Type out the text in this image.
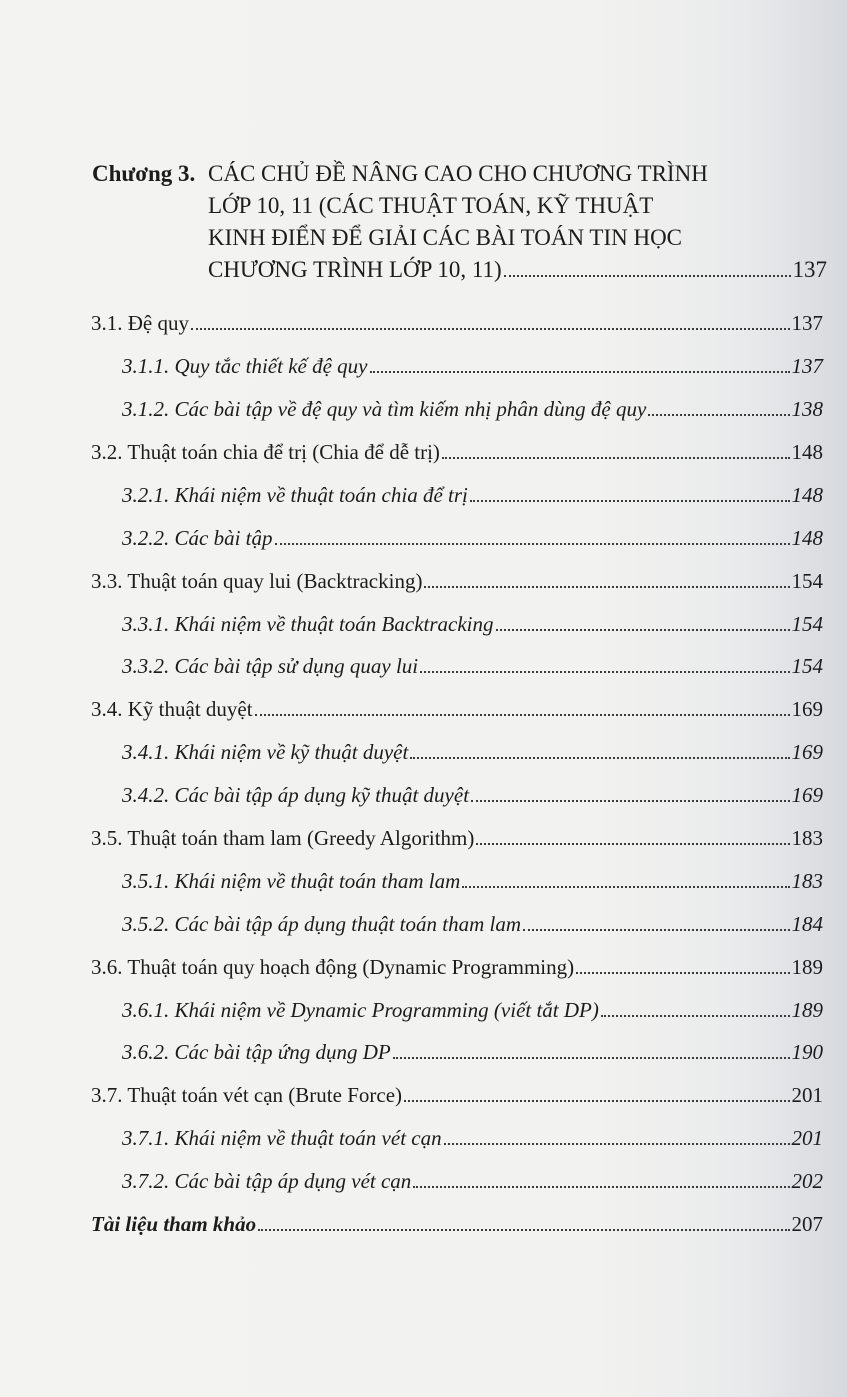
Chương 3. CÁC CHỦ ĐỀ NÂNG CAO CHO CHƯƠNG TRÌNH
LỚP 10, 11 (CÁC THUẬT TOÁN, KỸ THUẬT
KINH ĐIỂN ĐỂ GIẢI CÁC BÀI TOÁN TIN HỌC
CHƯƠNG TRÌNH LỚP 10, 11)	137
3.1. Đệ quy	137
3.1.1. Quy tắc thiết kế đệ quy	137
3.1.2. Các bài tập về đệ quy và tìm kiếm nhị phân dùng đệ quy	138
3.2. Thuật toán chia để trị (Chia để dễ trị)	148
3.2.1. Khái niệm về thuật toán chia để trị	148
3.2.2. Các bài tập	148
3.3. Thuật toán quay lui (Backtracking)	154
3.3.1. Khái niệm về thuật toán Backtracking	154
3.3.2. Các bài tập sử dụng quay lui	154
3.4. Kỹ thuật duyệt	169
3.4.1. Khái niệm về kỹ thuật duyệt	169
3.4.2. Các bài tập áp dụng kỹ thuật duyệt	169
3.5. Thuật toán tham lam (Greedy Algorithm)	183
3.5.1. Khái niệm về thuật toán tham lam	183
3.5.2. Các bài tập áp dụng thuật toán tham lam	184
3.6. Thuật toán quy hoạch động (Dynamic Programming)	189
3.6.1. Khái niệm về Dynamic Programming (viết tắt DP)	189
3.6.2. Các bài tập ứng dụng DP	190
3.7. Thuật toán vét cạn (Brute Force)	201
3.7.1. Khái niệm về thuật toán vét cạn	201
3.7.2. Các bài tập áp dụng vét cạn	202
Tài liệu tham khảo	207
